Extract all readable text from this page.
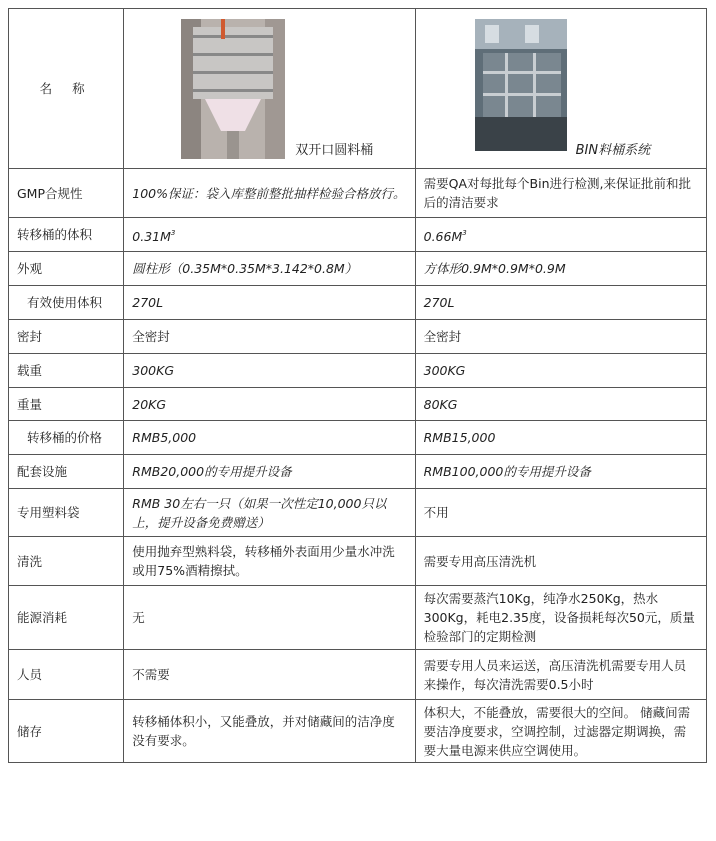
名 称	双开口圆料桶	BIN料桶系统

GMP合规性	100%保证：袋入库整前整批抽样检验合格放行。	需要QA对每批每个Bin进行检测,来保证批前和批后的清洁要求
转移桶的体积	$0.31M^3$	$0.66M^3$
外观	圆柱形（0.35M*0.35M*3.142*0.8M）	方体形0.9M*0.9M*0.9M
有效使用体积	270L	270L
密封	全密封	全密封
载重	300KG	300KG
重量	20KG	80KG
转移桶的价格	RMB5,000	RMB15,000
配套设施	RMB20,000的专用提升设备	RMB100,000的专用提升设备
专用塑料袋	RMB 30左右一只（如果一次性定10,000只以上，提升设备免费赠送）	不用
清洗	使用抛弃型熟料袋，转移桶外表面用少量水冲洗或用75%酒精擦拭。	需要专用高压清洗机
能源消耗	无	每次需要蒸汽10Kg，纯净水250Kg，热水300Kg，耗电2.35度，设备损耗每次50元，质量检验部门的定期检测
人员	不需要	需要专用人员来运送，高压清洗机需要专用人员来操作，每次清洗需要0.5小时
储存	转移桶体积小，又能叠放，并对储藏间的洁净度没有要求。	体积大，不能叠放，需要很大的空间。 储藏间需要洁净度要求，空调控制，过滤器定期调换，需要大量电源来供应空调使用。
